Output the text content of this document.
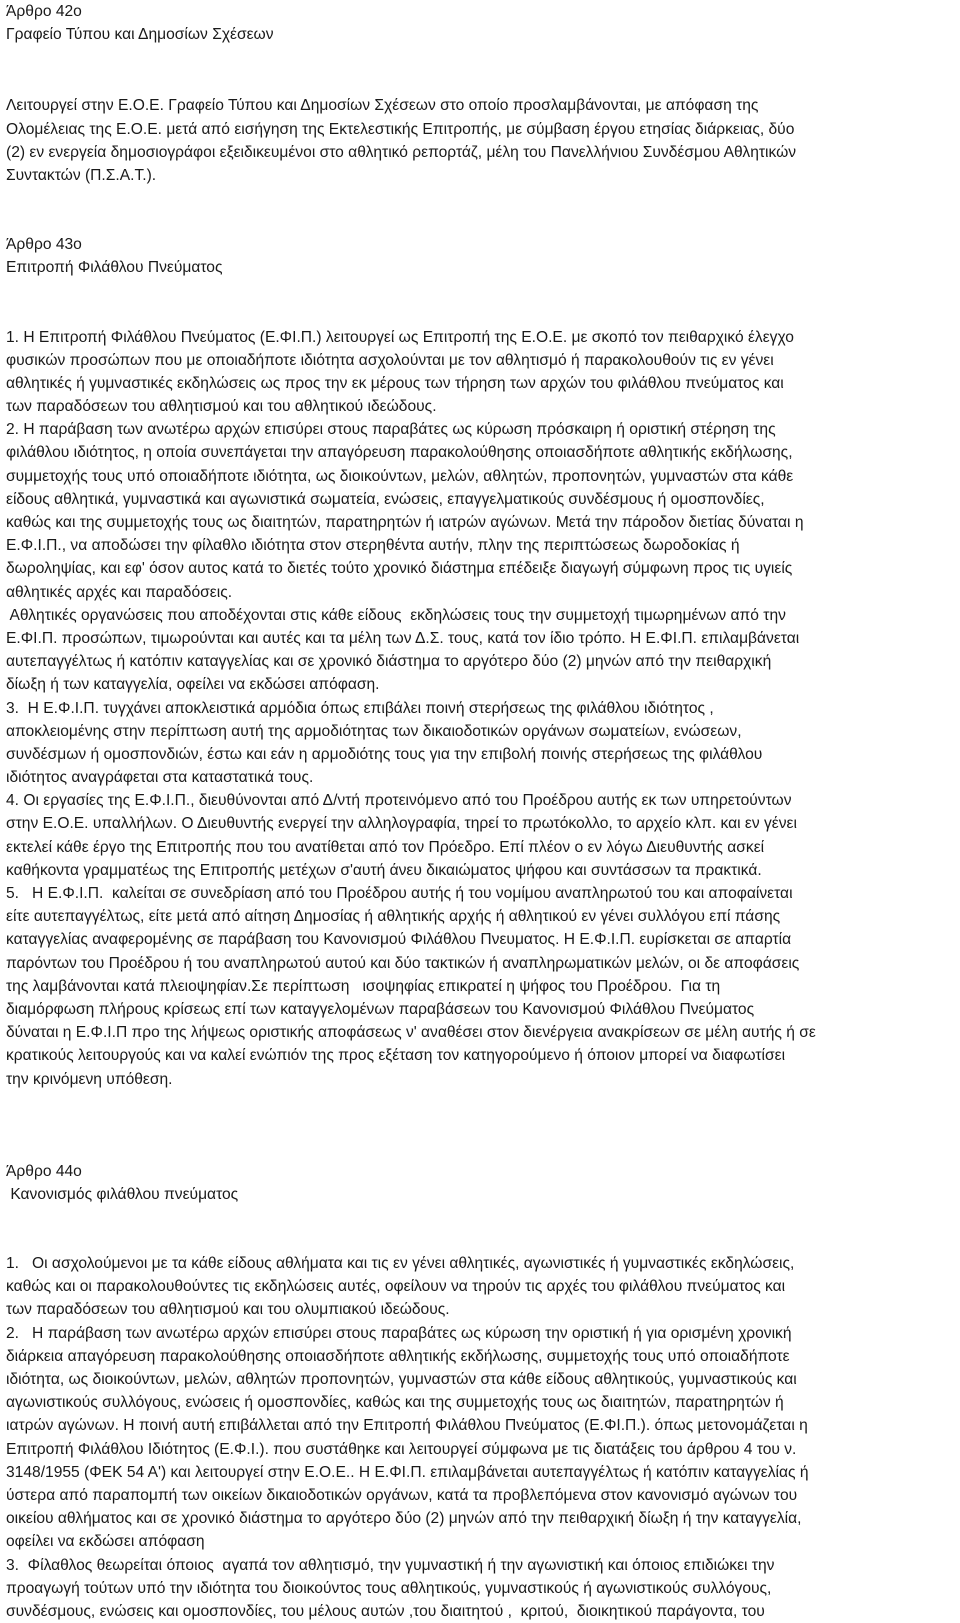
Άρθρο 42ο
Γραφείο Τύπου και Δημοσίων Σχέσεων
Λειτουργεί στην Ε.Ο.Ε. Γραφείο Τύπου και Δημοσίων Σχέσεων στο οποίο προσλαμβάνονται, με απόφαση της
Ολομέλειας της Ε.Ο.Ε. μετά από εισήγηση της Εκτελεστικής Επιτροπής, με σύμβαση έργου ετησίας διάρκειας, δύο
(2) εν ενεργεία δημοσιογράφοι εξειδικευμένοι στο αθλητικό ρεπορτάζ, μέλη του Πανελλήνιου Συνδέσμου Αθλητικών
Συντακτών (Π.Σ.Α.Τ.).
Άρθρο 43ο
Επιτροπή Φιλάθλου Πνεύματος
1. Η Επιτροπή Φιλάθλου Πνεύματος (Ε.ΦΙ.Π.) λειτουργεί ως Επιτροπή της Ε.Ο.Ε. με σκοπό τον πειθαρχικό έλεγχο
φυσικών προσώπων που με οποιαδήποτε ιδιότητα ασχολούνται με τον αθλητισμό ή παρακολουθούν τις εν γένει
αθλητικές ή γυμναστικές εκδηλώσεις ως προς την εκ μέρους των τήρηση των αρχών του φιλάθλου πνεύματος και
των παραδόσεων του αθλητισμού και του αθλητικού ιδεώδους.
2. Η παράβαση των ανωτέρω αρχών επισύρει στους παραβάτες ως κύρωση πρόσκαιρη ή οριστική στέρηση της
φιλάθλου ιδιότητος, η οποία συνεπάγεται την απαγόρευση παρακολούθησης οποιασδήποτε αθλητικής εκδήλωσης,
συμμετοχής τους υπό οποιαδήποτε ιδιότητα, ως διοικούντων, μελών, αθλητών, προπονητών, γυμναστών στα κάθε
είδους αθλητικά, γυμναστικά και αγωνιστικά σωματεία, ενώσεις, επαγγελματικούς συνδέσμους ή ομοσπονδίες,
καθώς και της συμμετοχής τους ως διαιτητών, παρατηρητών ή ιατρών αγώνων. Μετά την πάροδον διετίας δύναται η
Ε.Φ.Ι.Π., να αποδώσει την φίλαθλο ιδιότητα στον στερηθέντα αυτήν, πλην της περιπτώσεως δωροδοκίας ή
δωροληψίας, και εφ' όσον αυτος κατά το διετές τούτο χρονικό διάστημα επέδειξε διαγωγή σύμφωνη προς τις υγιείς
αθλητικές αρχές και παραδόσεις.
Αθλητικές οργανώσεις που αποδέχονται στις κάθε είδους  εκδηλώσεις τους την συμμετοχή τιμωρημένων από την
Ε.ΦΙ.Π. προσώπων, τιμωρούνται και αυτές και τα μέλη των Δ.Σ. τους, κατά τον ίδιο τρόπο. Η Ε.ΦΙ.Π. επιλαμβάνεται
αυτεπαγγέλτως ή κατόπιν καταγγελίας και σε χρονικό διάστημα το αργότερο δύο (2) μηνών από την πειθαρχική
δίωξη ή των καταγγελία, οφείλει να εκδώσει απόφαση.
3.  Η Ε.Φ.Ι.Π. τυγχάνει αποκλειστικά αρμόδια όπως επιβάλει ποινή στερήσεως της φιλάθλου ιδιότητος ,
αποκλειομένης στην περίπτωση αυτή της αρμοδιότητας των δικαιοδοτικών οργάνων σωματείων, ενώσεων,
συνδέσμων ή ομοσπονδιών, έστω και εάν η αρμοδιότης τους για την επιβολή ποινής στερήσεως της φιλάθλου
ιδιότητος αναγράφεται στα καταστατικά τους.
4. Οι εργασίες της Ε.Φ.Ι.Π., διευθύνονται από Δ/ντή προτεινόμενο από του Προέδρου αυτής εκ των υπηρετούντων
στην Ε.Ο.Ε. υπαλλήλων. Ο Διευθυντής ενεργεί την αλληλογραφία, τηρεί το πρωτόκολλο, το αρχείο κλπ. και εν γένει
εκτελεί κάθε έργο της Επιτροπής που του ανατίθεται από τον Πρόεδρο. Επί πλέον ο εν λόγω Διευθυντής ασκεί
καθήκοντα γραμματέως της Επιτροπής μετέχων σ'αυτή άνευ δικαιώματος ψήφου και συντάσσων τα πρακτικά.
5.   Η Ε.Φ.Ι.Π.  καλείται σε συνεδρίαση από του Προέδρου αυτής ή του νομίμου αναπληρωτού του και αποφαίνεται
είτε αυτεπαγγέλτως, είτε μετά από αίτηση Δημοσίας ή αθλητικής αρχής ή αθλητικού εν γένει συλλόγου επί πάσης
καταγγελίας αναφερομένης σε παράβαση του Κανονισμού Φιλάθλου Πνευματος. Η Ε.Φ.Ι.Π. ευρίσκεται σε απαρτία
παρόντων του Προέδρου ή του αναπληρωτού αυτού και δύο τακτικών ή αναπληρωματικών μελών, οι δε αποφάσεις
της λαμβάνονται κατά πλειοψηφίαν.Σε περίπτωση   ισοψηφίας επικρατεί η ψήφος του Προέδρου.  Για τη
διαμόρφωση πλήρους κρίσεως επί των καταγγελομένων παραβάσεων του Κανονισμού Φιλάθλου Πνεύματος
δύναται η Ε.Φ.Ι.Π προ της λήψεως οριστικής αποφάσεως ν' αναθέσει στον διενέργεια ανακρίσεων σε μέλη αυτής ή σε
κρατικούς λειτουργούς και να καλεί ενώπιόν της προς εξέταση τον κατηγορούμενο ή όποιον μπορεί να διαφωτίσει
την κρινόμενη υπόθεση.
Άρθρο 44ο
Κανονισμός φιλάθλου πνεύματος
1.   Οι ασχολούμενοι με τα κάθε είδους αθλήματα και τις εν γένει αθλητικές, αγωνιστικές ή γυμναστικές εκδηλώσεις,
καθώς και οι παρακολουθούντες τις εκδηλώσεις αυτές, οφείλουν να τηρούν τις αρχές του φιλάθλου πνεύματος και
των παραδόσεων του αθλητισμού και του ολυμπιακού ιδεώδους.
2.   Η παράβαση των ανωτέρω αρχών επισύρει στους παραβάτες ως κύρωση την οριστική ή για ορισμένη χρονική
διάρκεια απαγόρευση παρακολούθησης οποιασδήποτε αθλητικής εκδήλωσης, συμμετοχής τους υπό οποιαδήποτε
ιδιότητα, ως διοικούντων, μελών, αθλητών προπονητών, γυμναστών στα κάθε είδους αθλητικούς, γυμναστικούς και
αγωνιστικούς συλλόγους, ενώσεις ή ομοσπονδίες, καθώς και της συμμετοχής τους ως διαιτητών, παρατηρητών ή
ιατρών αγώνων. Η ποινή αυτή επιβάλλεται από την Επιτροπή Φιλάθλου Πνεύματος (Ε.ΦΙ.Π.). όπως μετονομάζεται η
Επιτροπή Φιλάθλου Ιδιότητος (Ε.Φ.Ι.). που συστάθηκε και λειτουργεί σύμφωνα με τις διατάξεις του άρθρου 4 του ν.
3148/1955 (ΦΕΚ 54 Α') και λειτουργεί στην Ε.Ο.Ε.. Η Ε.ΦΙ.Π. επιλαμβάνεται αυτεπαγγέλτως ή κατόπιν καταγγελίας ή
ύστερα από παραπομπή των οικείων δικαιοδοτικών οργάνων, κατά τα προβλεπόμενα στον κανονισμό αγώνων του
οικείου αθλήματος και σε χρονικό διάστημα το αργότερο δύο (2) μηνών από την πειθαρχική δίωξη ή την καταγγελία,
οφείλει να εκδώσει απόφαση
3.  Φίλαθλος θεωρείται όποιος  αγαπά τον αθλητισμό, την γυμναστική ή την αγωνιστική και όποιος επιδιώκει την
προαγωγή τούτων υπό την ιδιότητα του διοικούντος τους αθλητικούς, γυμναστικούς ή αγωνιστικούς συλλόγους,
συνδέσμους, ενώσεις και ομοσπονδίες, του μέλους αυτών ,του διαιτητού ,  κριτού,  διοικητικού παράγοντα, του
